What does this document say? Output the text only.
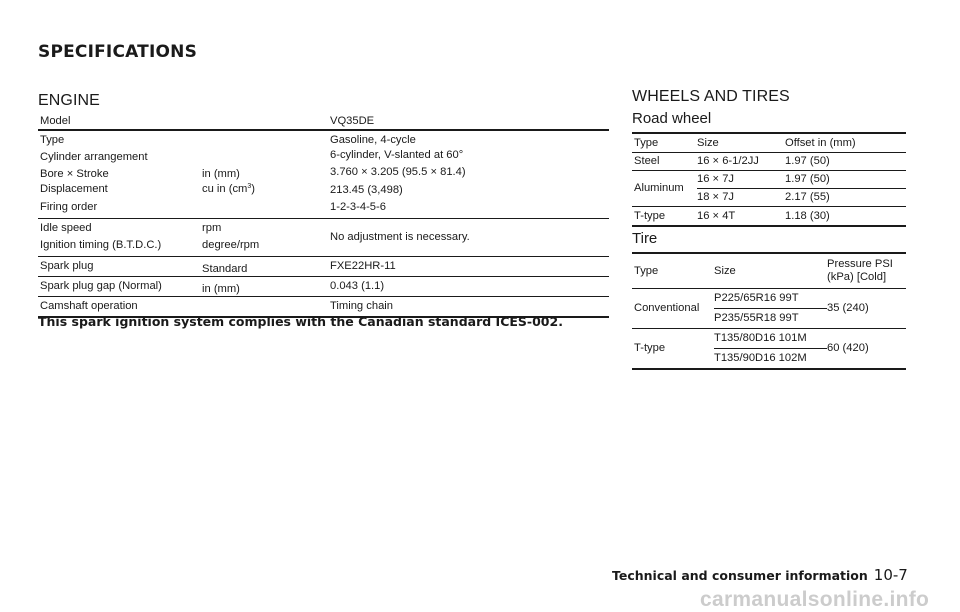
SPECIFICATIONS
ENGINE
Model		VQ35DE
Type		Gasoline, 4-cycle
Cylinder arrangement		6-cylinder, V-slanted at 60°
Bore × Stroke	in (mm)	3.760 × 3.205 (95.5 × 81.4)
Displacement	cu in $(cm^3)$	213.45 (3,498)
Firing order		1-2-3-4-5-6
Idle speed	rpm	No adjustment is necessary.
Ignition timing (B.T.D.C.)	degree/rpm	
Spark plug	Standard	FXE22HR-11
Spark plug gap (Normal)	in (mm)	0.043 (1.1)
Camshaft operation		Timing chain
This spark ignition system complies with the Canadian standard ICES-002.
WHEELS AND TIRES
Road wheel
Type	Size	Offset in (mm)
Steel	16 × 6-1/2JJ	1.97 (50)
Aluminum	16 × 7J	1.97 (50)
	18 × 7J	2.17 (55)
T-type	16 × 4T	1.18 (30)
Tire
Type	Size	Pressure PSI
(kPa) [Cold]
Conventional	P225/65R16 99T	35 (240)
	P235/55R18 99T	
T-type	T135/80D16 101M	60 (420)
	T135/90D16 102M	
Technical and consumer information 10-7
carmanualsonline.info
